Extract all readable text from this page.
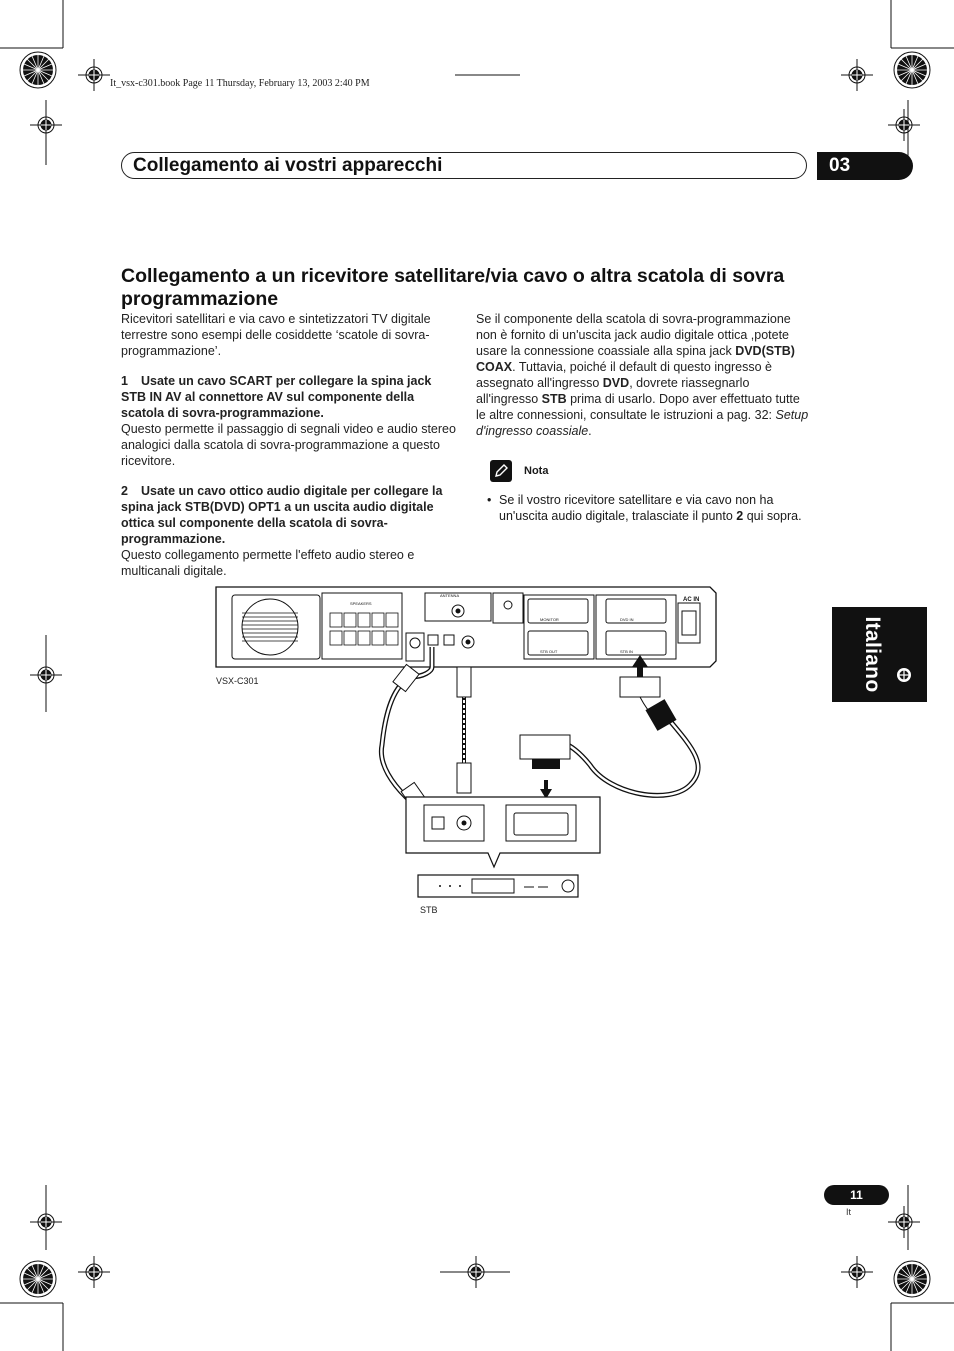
It_vsx-c301.book Page 11 Thursday, February 13, 2003 2:40 PM
Collegamento ai vostri apparecchi	03
Collegamento a un ricevitore satellitare/via cavo o altra scatola di sovra programmazione

Ricevitori satellitari e via cavo e sintetizzatori TV digitale terrestre sono esempi delle cosiddette ‘scatole di sovra-programmazione’.

1 Usate un cavo SCART per collegare la spina jack STB IN AV al connettore AV sul componente della scatola di sovra-programmazione.

Questo permette il passaggio di segnali video e audio stereo analogici dalla scatola di sovra-programmazione a questo ricevitore.

2 Usate un cavo ottico audio digitale per collegare la spina jack STB(DVD) OPT1 a un uscita audio digitale ottica sul componente della scatola di sovra-programmazione.

Questo collegamento permette l'effeto audio stereo e multicanali digitale.

Se il componente della scatola di sovra-programmazione non è fornito di un'uscita jack audio digitale ottica ,potete usare la connessione coassiale alla spina jack DVD(STB) COAX. Tuttavia, poiché il default di questo ingresso è assegnato all'ingresso DVD, dovrete riassegnarlo all'ingresso STB prima di usarlo. Dopo aver effettuato tutte le altre connessioni, consultate le istruzioni a pag. 32: Setup d'ingresso coassiale.

Nota
• Se il vostro ricevitore satellitare e via cavo non ha un'uscita audio digitale, tralasciate il punto 2 qui sopra.
Italiano
SPEAKERS
ANTENNA
MONITOR	DVD IN
STB OUT	STB IN
AC IN
VSX-C301
STB
11
It
